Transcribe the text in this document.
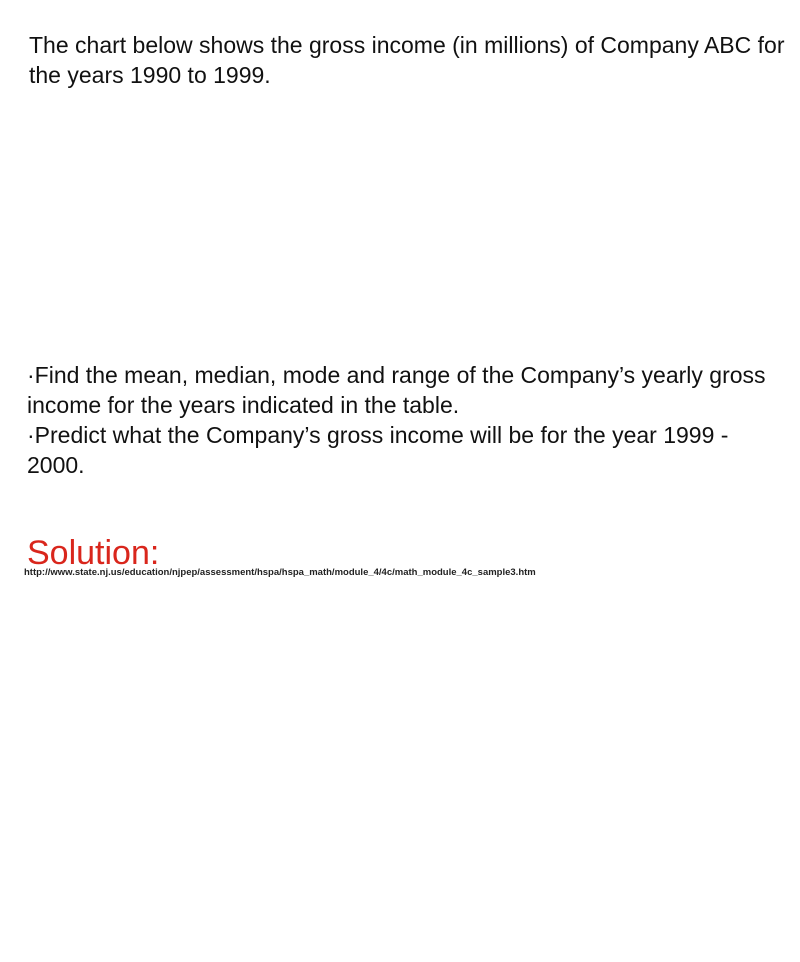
The chart below shows the gross income (in millions) of Company ABC for the years 1990 to 1999.

·Find the mean, median, mode and range of the Company’s yearly gross income for the years indicated in the table.
·Predict what the Company’s gross income will be for the year 1999 - 2000.
Solution:

http://www.state.nj.us/education/njpep/assessment/hspa/hspa_math/module_4/4c/math_module_4c_sample3.htm
